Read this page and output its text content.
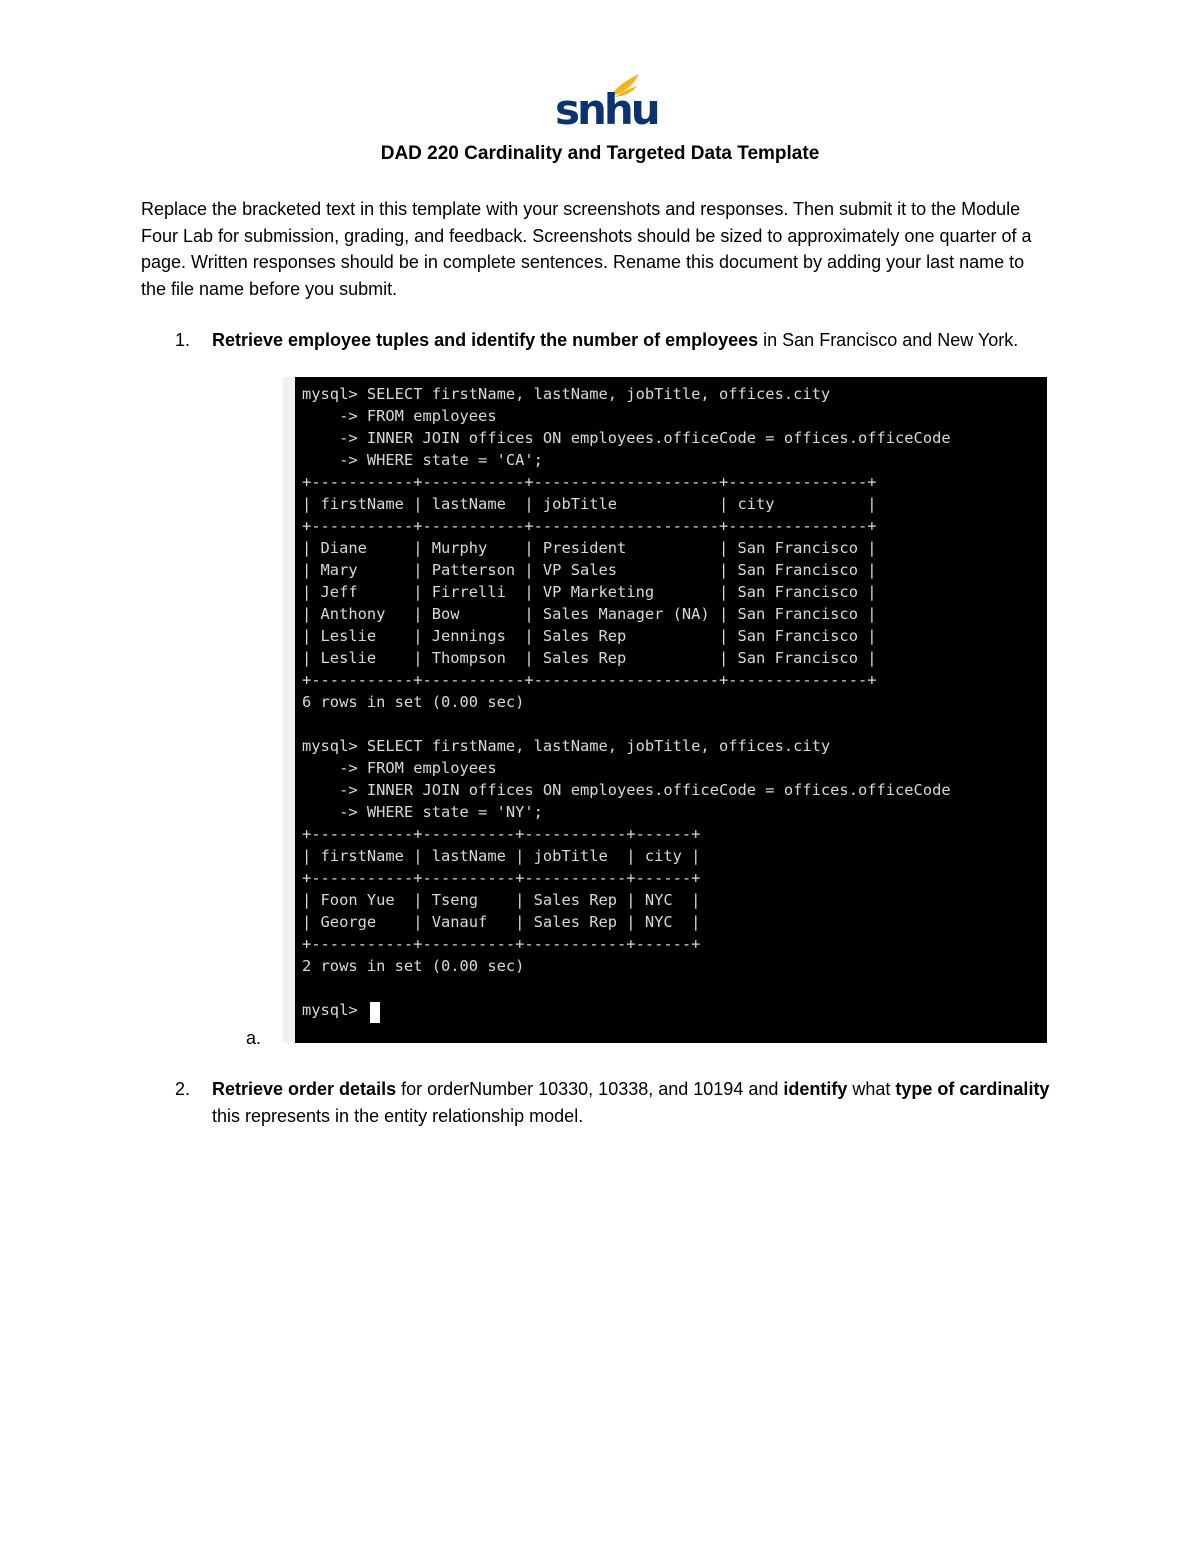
snhu
DAD 220 Cardinality and Targeted Data Template

Replace the bracketed text in this template with your screenshots and responses. Then submit it to the Module Four Lab for submission, grading, and feedback. Screenshots should be sized to approximately one quarter of a page. Written responses should be in complete sentences. Rename this document by adding your last name to the file name before you submit.

1. Retrieve employee tuples and identify the number of employees in San Francisco and New York.
a.
mysql>
2 rows in set (0.00 sec)
+-----------+----------+-----------+------+
| George    | Vanauf   | Sales Rep | NYC  |
| Foon Yue  | Tseng    | Sales Rep | NYC  |
+-----------+----------+-----------+------+
| firstName | lastName | jobTitle  | city |
+-----------+----------+-----------+------+
-> WHERE state = 'NY';
-> INNER JOIN offices ON employees.officeCode = offices.officeCode
-> FROM employees
mysql> SELECT firstName, lastName, jobTitle, offices.city
6 rows in set (0.00 sec)
+-----------+-----------+--------------------+---------------+
| Leslie    | Thompson  | Sales Rep          | San Francisco |
| Leslie    | Jennings  | Sales Rep          | San Francisco |
| Anthony   | Bow       | Sales Manager (NA) | San Francisco |
| Jeff      | Firrelli  | VP Marketing       | San Francisco |
| Mary      | Patterson | VP Sales           | San Francisco |
| Diane     | Murphy    | President          | San Francisco |
+-----------+-----------+--------------------+---------------+
| firstName | lastName  | jobTitle           | city          |
+-----------+-----------+--------------------+---------------+
-> WHERE state = 'CA';
-> INNER JOIN offices ON employees.officeCode = offices.officeCode
-> FROM employees
mysql> SELECT firstName, lastName, jobTitle, offices.city
2. Retrieve order details for orderNumber 10330, 10338, and 10194 and identify what type of cardinality this represents in the entity relationship model.
